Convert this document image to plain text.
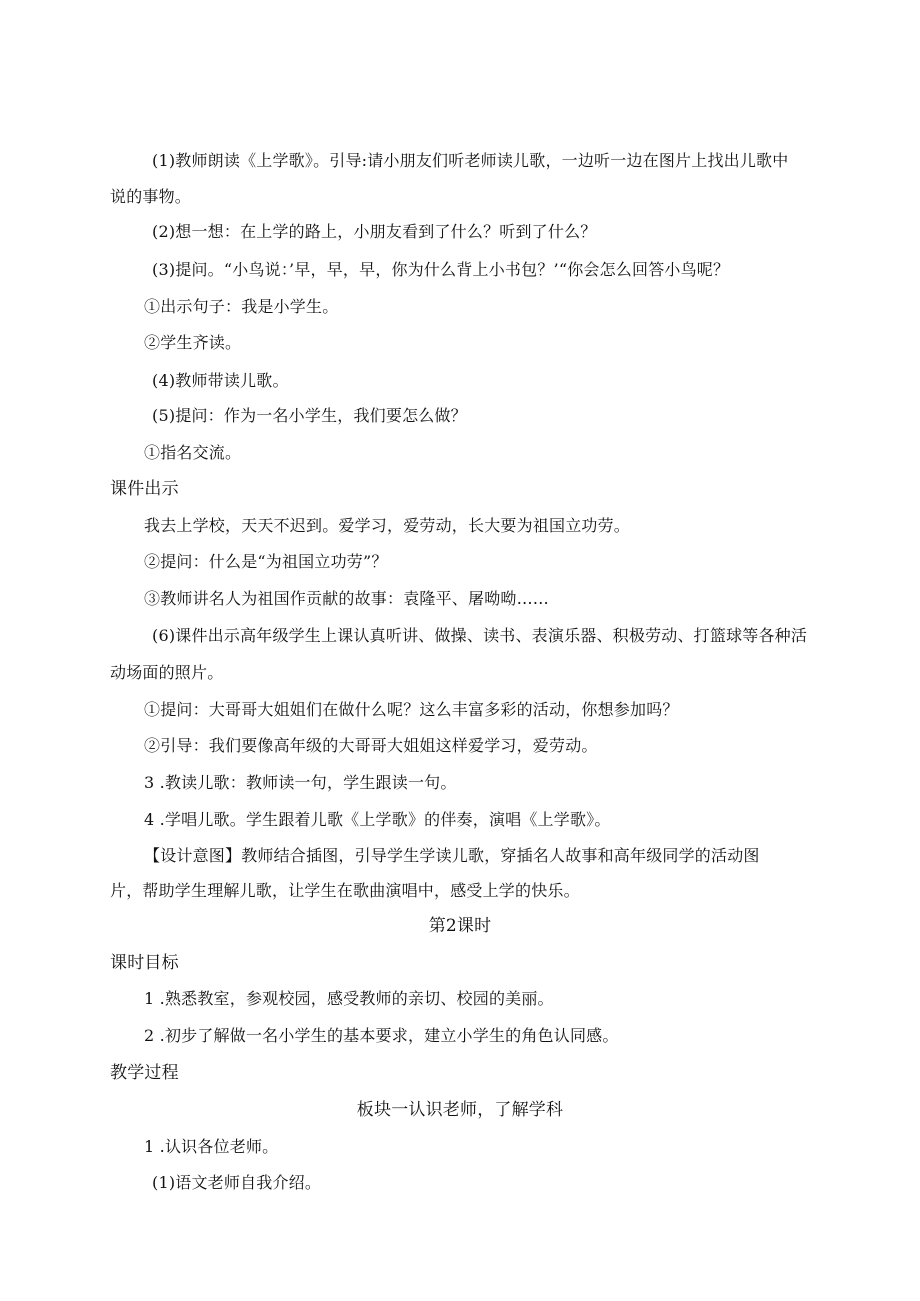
(1)教师朗读《上学歌》。引导:请小朋友们听老师读儿歌，一边听一边在图片上找出儿歌中
说的事物。
(2)想一想：在上学的路上，小朋友看到了什么？听到了什么？
(3)提问。“小鸟说：’早，早，早，你为什么背上小书包？’“你会怎么回答小鸟呢？
①出示句子：我是小学生。
②学生齐读。
(4)教师带读儿歌。
(5)提问：作为一名小学生，我们要怎么做？
①指名交流。
课件出示
我去上学校，天天不迟到。爱学习，爱劳动，长大要为祖国立功劳。
②提问：什么是“为祖国立功劳”？
③教师讲名人为祖国作贡献的故事：袁隆平、屠呦呦……
(6)课件出示高年级学生上课认真听讲、做操、读书、表演乐器、积极劳动、打篮球等各种活
动场面的照片。
①提问：大哥哥大姐姐们在做什么呢？这么丰富多彩的活动，你想参加吗？
②引导：我们要像高年级的大哥哥大姐姐这样爱学习，爱劳动。
3 .教读儿歌：教师读一句，学生跟读一句。
4 .学唱儿歌。学生跟着儿歌《上学歌》的伴奏，演唱《上学歌》。
【设计意图】教师结合插图，引导学生学读儿歌，穿插名人故事和高年级同学的活动图
片，帮助学生理解儿歌，让学生在歌曲演唱中，感受上学的快乐。
第2课时
课时目标
1 .熟悉教室，参观校园，感受教师的亲切、校园的美丽。
2 .初步了解做一名小学生的基本要求，建立小学生的角色认同感。
教学过程
板块一认识老师，了解学科
1 .认识各位老师。
(1)语文老师自我介绍。
